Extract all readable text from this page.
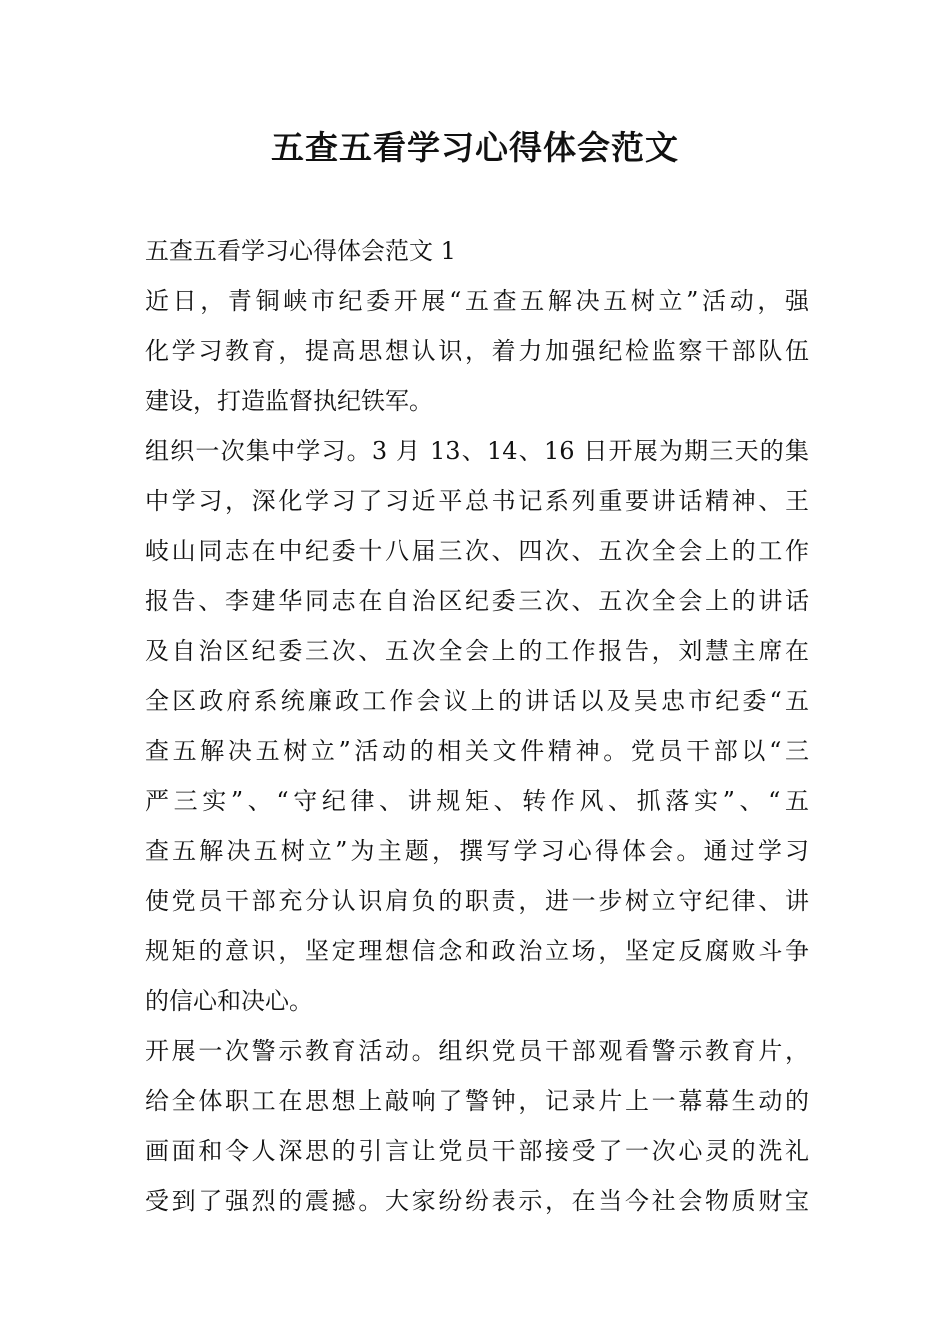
五查五看学习心得体会范文

五查五看学习心得体会范文 1

近日，青铜峡市纪委开展“五查五解决五树立”活动，强
化学习教育，提高思想认识，着力加强纪检监察干部队伍
建设，打造监督执纪铁军。

组织一次集中学习。3 月 13、14、16 日开展为期三天的集
中学习，深化学习了习近平总书记系列重要讲话精神、王
岐山同志在中纪委十八届三次、四次、五次全会上的工作
报告、李建华同志在自治区纪委三次、五次全会上的讲话
及自治区纪委三次、五次全会上的工作报告，刘慧主席在
全区政府系统廉政工作会议上的讲话以及吴忠市纪委“五
查五解决五树立”活动的相关文件精神。党员干部以“三
严三实”、“守纪律、讲规矩、转作风、抓落实”、“五
查五解决五树立”为主题，撰写学习心得体会。通过学习
使党员干部充分认识肩负的职责，进一步树立守纪律、讲
规矩的意识，坚定理想信念和政治立场，坚定反腐败斗争
的信心和决心。

开展一次警示教育活动。组织党员干部观看警示教育片，
给全体职工在思想上敲响了警钟，记录片上一幕幕生动的
画面和令人深思的引言让党员干部接受了一次心灵的洗礼
受到了强烈的震撼。大家纷纷表示，在当今社会物质财宝
